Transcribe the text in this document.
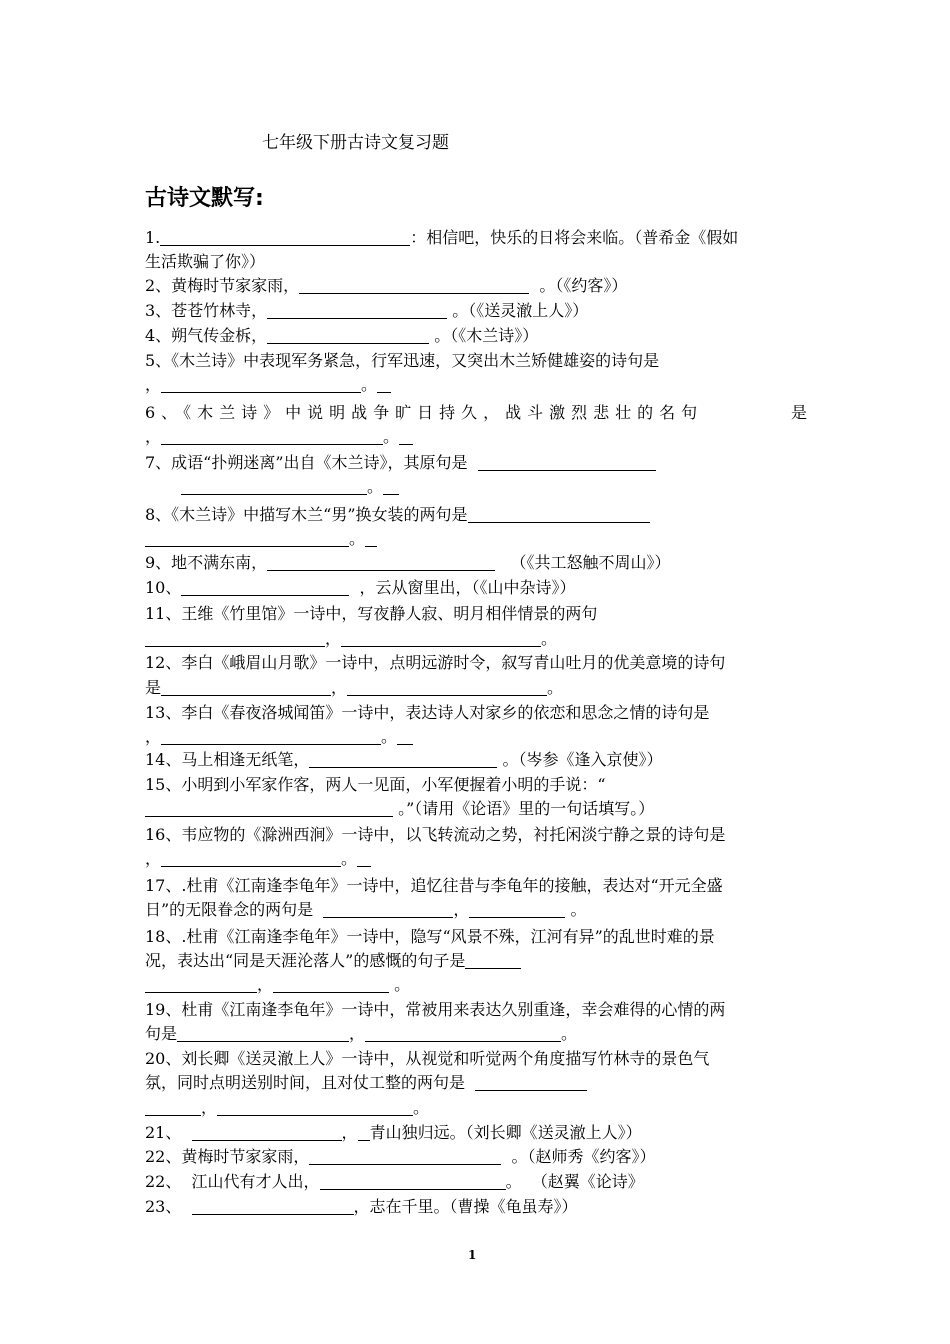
七年级下册古诗文复习题
古诗文默写:
1.	：相信吧，快乐的日将会来临。（普希金《假如
生活欺骗了你》）
2、黄梅时节家家雨，	。（《约客》）
3、苍苍竹林寺，	。（《送灵澈上人》）
4、朔气传金柝，	。（《木兰诗》）
5、《木兰诗》中表现军务紧急，行军迅速，又突出木兰矫健雄姿的诗句是
，	。
6、《木兰诗》中说明战争旷日持久，战斗激烈悲壮的名句	是
，	。
7、成语“扑朔迷离”出自《木兰诗》，其原句是
。
8、《木兰诗》中描写木兰“男”换女装的两句是
。
9、地不满东南，	（《共工怒触不周山》）
10、	，云从窗里出，（《山中杂诗》）
11、王维《竹里馆》一诗中，写夜静人寂、明月相伴情景的两句
，	。
12、李白《峨眉山月歌》一诗中，点明远游时令，叙写青山吐月的优美意境的诗句
是	，	。
13、李白《春夜洛城闻笛》一诗中，表达诗人对家乡的依恋和思念之情的诗句是
，	。
14、马上相逢无纸笔，	。（岑参《逢入京使》）
15、小明到小军家作客，两人一见面，小军便握着小明的手说：“
。”（请用《论语》里的一句话填写。）
16、韦应物的《滁洲西涧》一诗中，以飞转流动之势，衬托闲淡宁静之景的诗句是
，	。
17、.杜甫《江南逢李龟年》一诗中，追忆往昔与李龟年的接触，表达对“开元全盛
日”的无限眷念的两句是	，	。
18、.杜甫《江南逢李龟年》一诗中，隐写“风景不殊，江河有异”的乱世时难的景
况，表达出“同是天涯沦落人”的感慨的句子是
，	。
19、杜甫《江南逢李龟年》一诗中，常被用来表达久别重逢，幸会难得的心情的两
句是	，	。
20、刘长卿《送灵澈上人》一诗中，从视觉和听觉两个角度描写竹林寺的景色气
氛，同时点明送别时间，且对仗工整的两句是
，	。
21、	， 青山独归远。（刘长卿《送灵澈上人》）
22、黄梅时节家家雨，	。（赵师秀《约客》）
22、 江山代有才人出，	。 （赵翼《论诗》
23、	，志在千里。（曹操《龟虽寿》）
1
